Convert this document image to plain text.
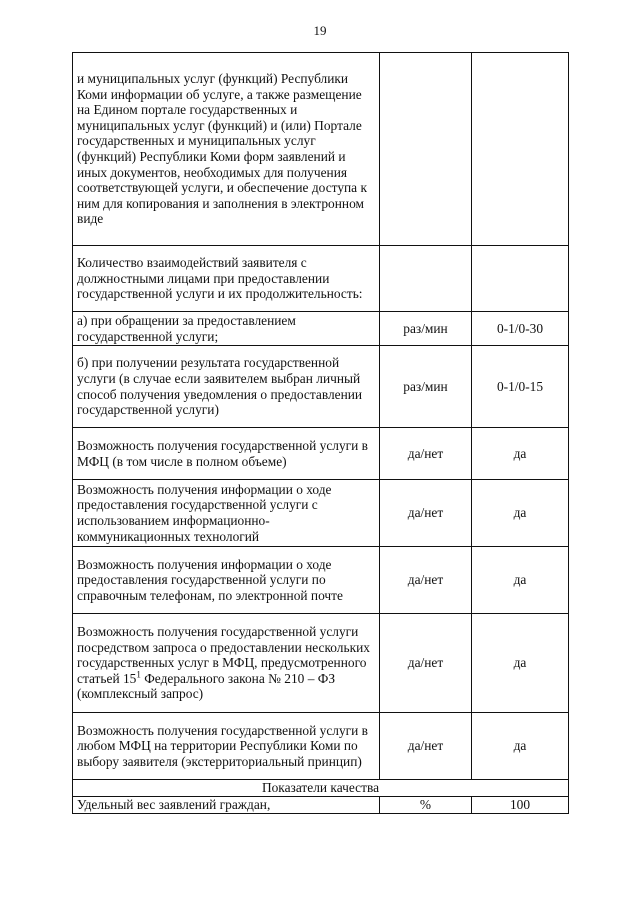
19
и муниципальных услуг (функций) Республики Коми информации об услуге, а также размещение на Едином портале государственных и муниципальных услуг (функций) и (или) Портале государственных и муниципальных услуг (функций) Республики Коми форм заявлений и иных документов, необходимых для получения соответствующей услуги, и обеспечение доступа к ним для копирования и заполнения в электронном виде		
Количество взаимодействий заявителя с должностными лицами при предоставлении государственной услуги и их продолжительность:		
а) при обращении за предоставлением государственной услуги;	раз/мин	0-1/0-30
б) при получении результата государственной услуги (в случае если заявителем выбран личный способ получения уведомления о предоставлении государственной услуги)	раз/мин	0-1/0-15
Возможность получения государственной услуги в МФЦ (в том числе в полном объеме)	да/нет	да
Возможность получения информации о ходе предоставления государственной услуги с использованием информационно-коммуникационных технологий	да/нет	да
Возможность получения информации о ходе предоставления государственной услуги по справочным телефонам, по электронной почте	да/нет	да
Возможность получения государственной услуги посредством запроса о предоставлении нескольких государственных услуг в МФЦ, предусмотренного статьей $15^1$ Федерального закона № 210 – ФЗ (комплексный запрос)	да/нет	да
Возможность получения государственной услуги в любом МФЦ на территории Республики Коми по выбору заявителя (экстерриториальный принцип)	да/нет	да
Показатели качества		
Удельный вес заявлений граждан,	%	100
